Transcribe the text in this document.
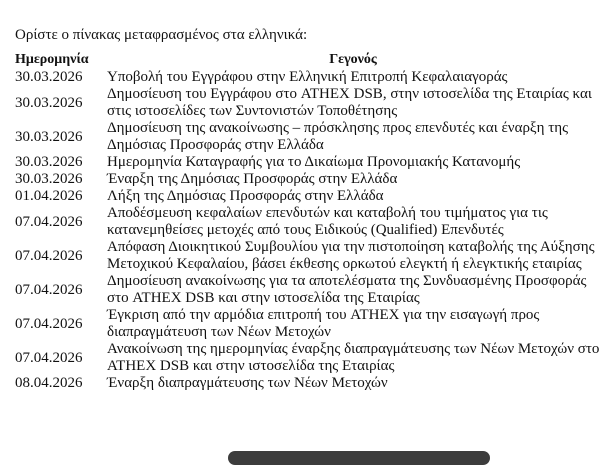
Ορίστε ο πίνακας μεταφρασμένος στα ελληνικά:
Ημερομηνία	Γεγονός
30.03.2026	Υποβολή του Εγγράφου στην Ελληνική Επιτροπή Κεφαλαιαγοράς
30.03.2026	Δημοσίευση του Εγγράφου στο ATHEX DSB, στην ιστοσελίδα της Εταιρίας και στις ιστοσελίδες των Συντονιστών Τοποθέτησης
30.03.2026	Δημοσίευση της ανακοίνωσης – πρόσκλησης προς επενδυτές και έναρξη της Δημόσιας Προσφοράς στην Ελλάδα
30.03.2026	Ημερομηνία Καταγραφής για το Δικαίωμα Προνομιακής Κατανομής
30.03.2026	Έναρξη της Δημόσιας Προσφοράς στην Ελλάδα
01.04.2026	Λήξη της Δημόσιας Προσφοράς στην Ελλάδα
07.04.2026	Αποδέσμευση κεφαλαίων επενδυτών και καταβολή του τιμήματος για τις κατανεμηθείσες μετοχές από τους Ειδικούς (Qualified) Επενδυτές
07.04.2026	Απόφαση Διοικητικού Συμβουλίου για την πιστοποίηση καταβολής της Αύξησης Μετοχικού Κεφαλαίου, βάσει έκθεσης ορκωτού ελεγκτή ή ελεγκτικής εταιρίας
07.04.2026	Δημοσίευση ανακοίνωσης για τα αποτελέσματα της Συνδυασμένης Προσφοράς στο ATHEX DSB και στην ιστοσελίδα της Εταιρίας
07.04.2026	Έγκριση από την αρμόδια επιτροπή του ATHEX για την εισαγωγή προς διαπραγμάτευση των Νέων Μετοχών
07.04.2026	Ανακοίνωση της ημερομηνίας έναρξης διαπραγμάτευσης των Νέων Μετοχών στο ATHEX DSB και στην ιστοσελίδα της Εταιρίας
08.04.2026	Έναρξη διαπραγμάτευσης των Νέων Μετοχών
